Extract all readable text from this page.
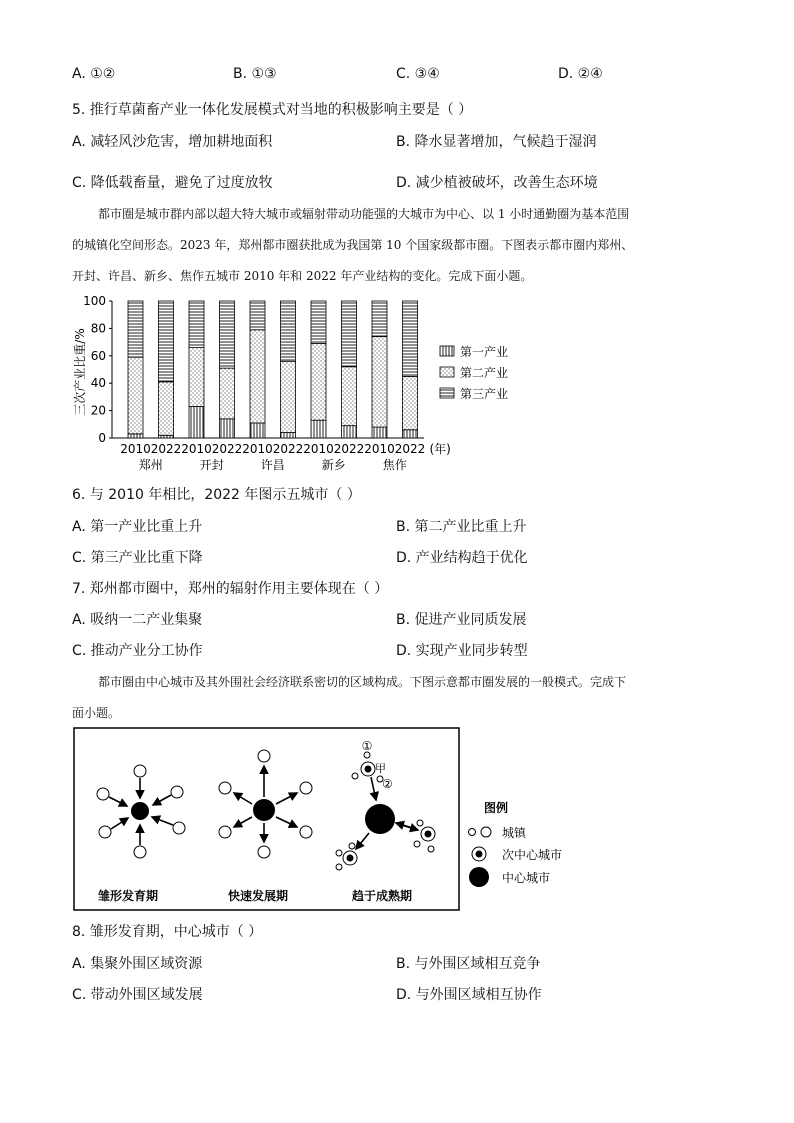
A. ①②	B. ①③	C. ③④	D. ②④
5. 推行草菌畜产业一体化发展模式对当地的积极影响主要是（ ）
A. 减轻风沙危害，增加耕地面积	B. 降水显著增加，气候趋于湿润
C. 降低载畜量，避免了过度放牧	D. 减少植被破坏，改善生态环境
都市圈是城市群内部以超大特大城市或辐射带动功能强的大城市为中心、以 1 小时通勤圈为基本范围
的城镇化空间形态。2023 年，郑州都市圈获批成为我国第 10 个国家级都市圈。下图表示都市圈内郑州、
开封、许昌、新乡、焦作五城市 2010 年和 2022 年产业结构的变化。完成下面小题。
三次产业比重/%
0
20
40
60
80
100
2010 2022 2010 2022 2010 2022 2010 2022 2010 2022 (年)
郑州	开封	许昌	新乡	焦作
第一产业
第二产业
第三产业
6. 与 2010 年相比，2022 年图示五城市（ ）
A. 第一产业比重上升	B. 第二产业比重上升
C. 第三产业比重下降	D. 产业结构趋于优化
7. 郑州都市圈中，郑州的辐射作用主要体现在（ ）
A. 吸纳一二产业集聚	B. 促进产业同质发展
C. 推动产业分工协作	D. 实现产业同步转型
都市圈由中心城市及其外围社会经济联系密切的区域构成。下图示意都市圈发展的一般模式。完成下
面小题。
①
甲
②
雏形发育期	快速发展期	趋于成熟期
图例
城镇
次中心城市
中心城市
8. 雏形发育期，中心城市（ ）
A. 集聚外围区域资源	B. 与外围区域相互竞争
C. 带动外围区域发展	D. 与外围区域相互协作
